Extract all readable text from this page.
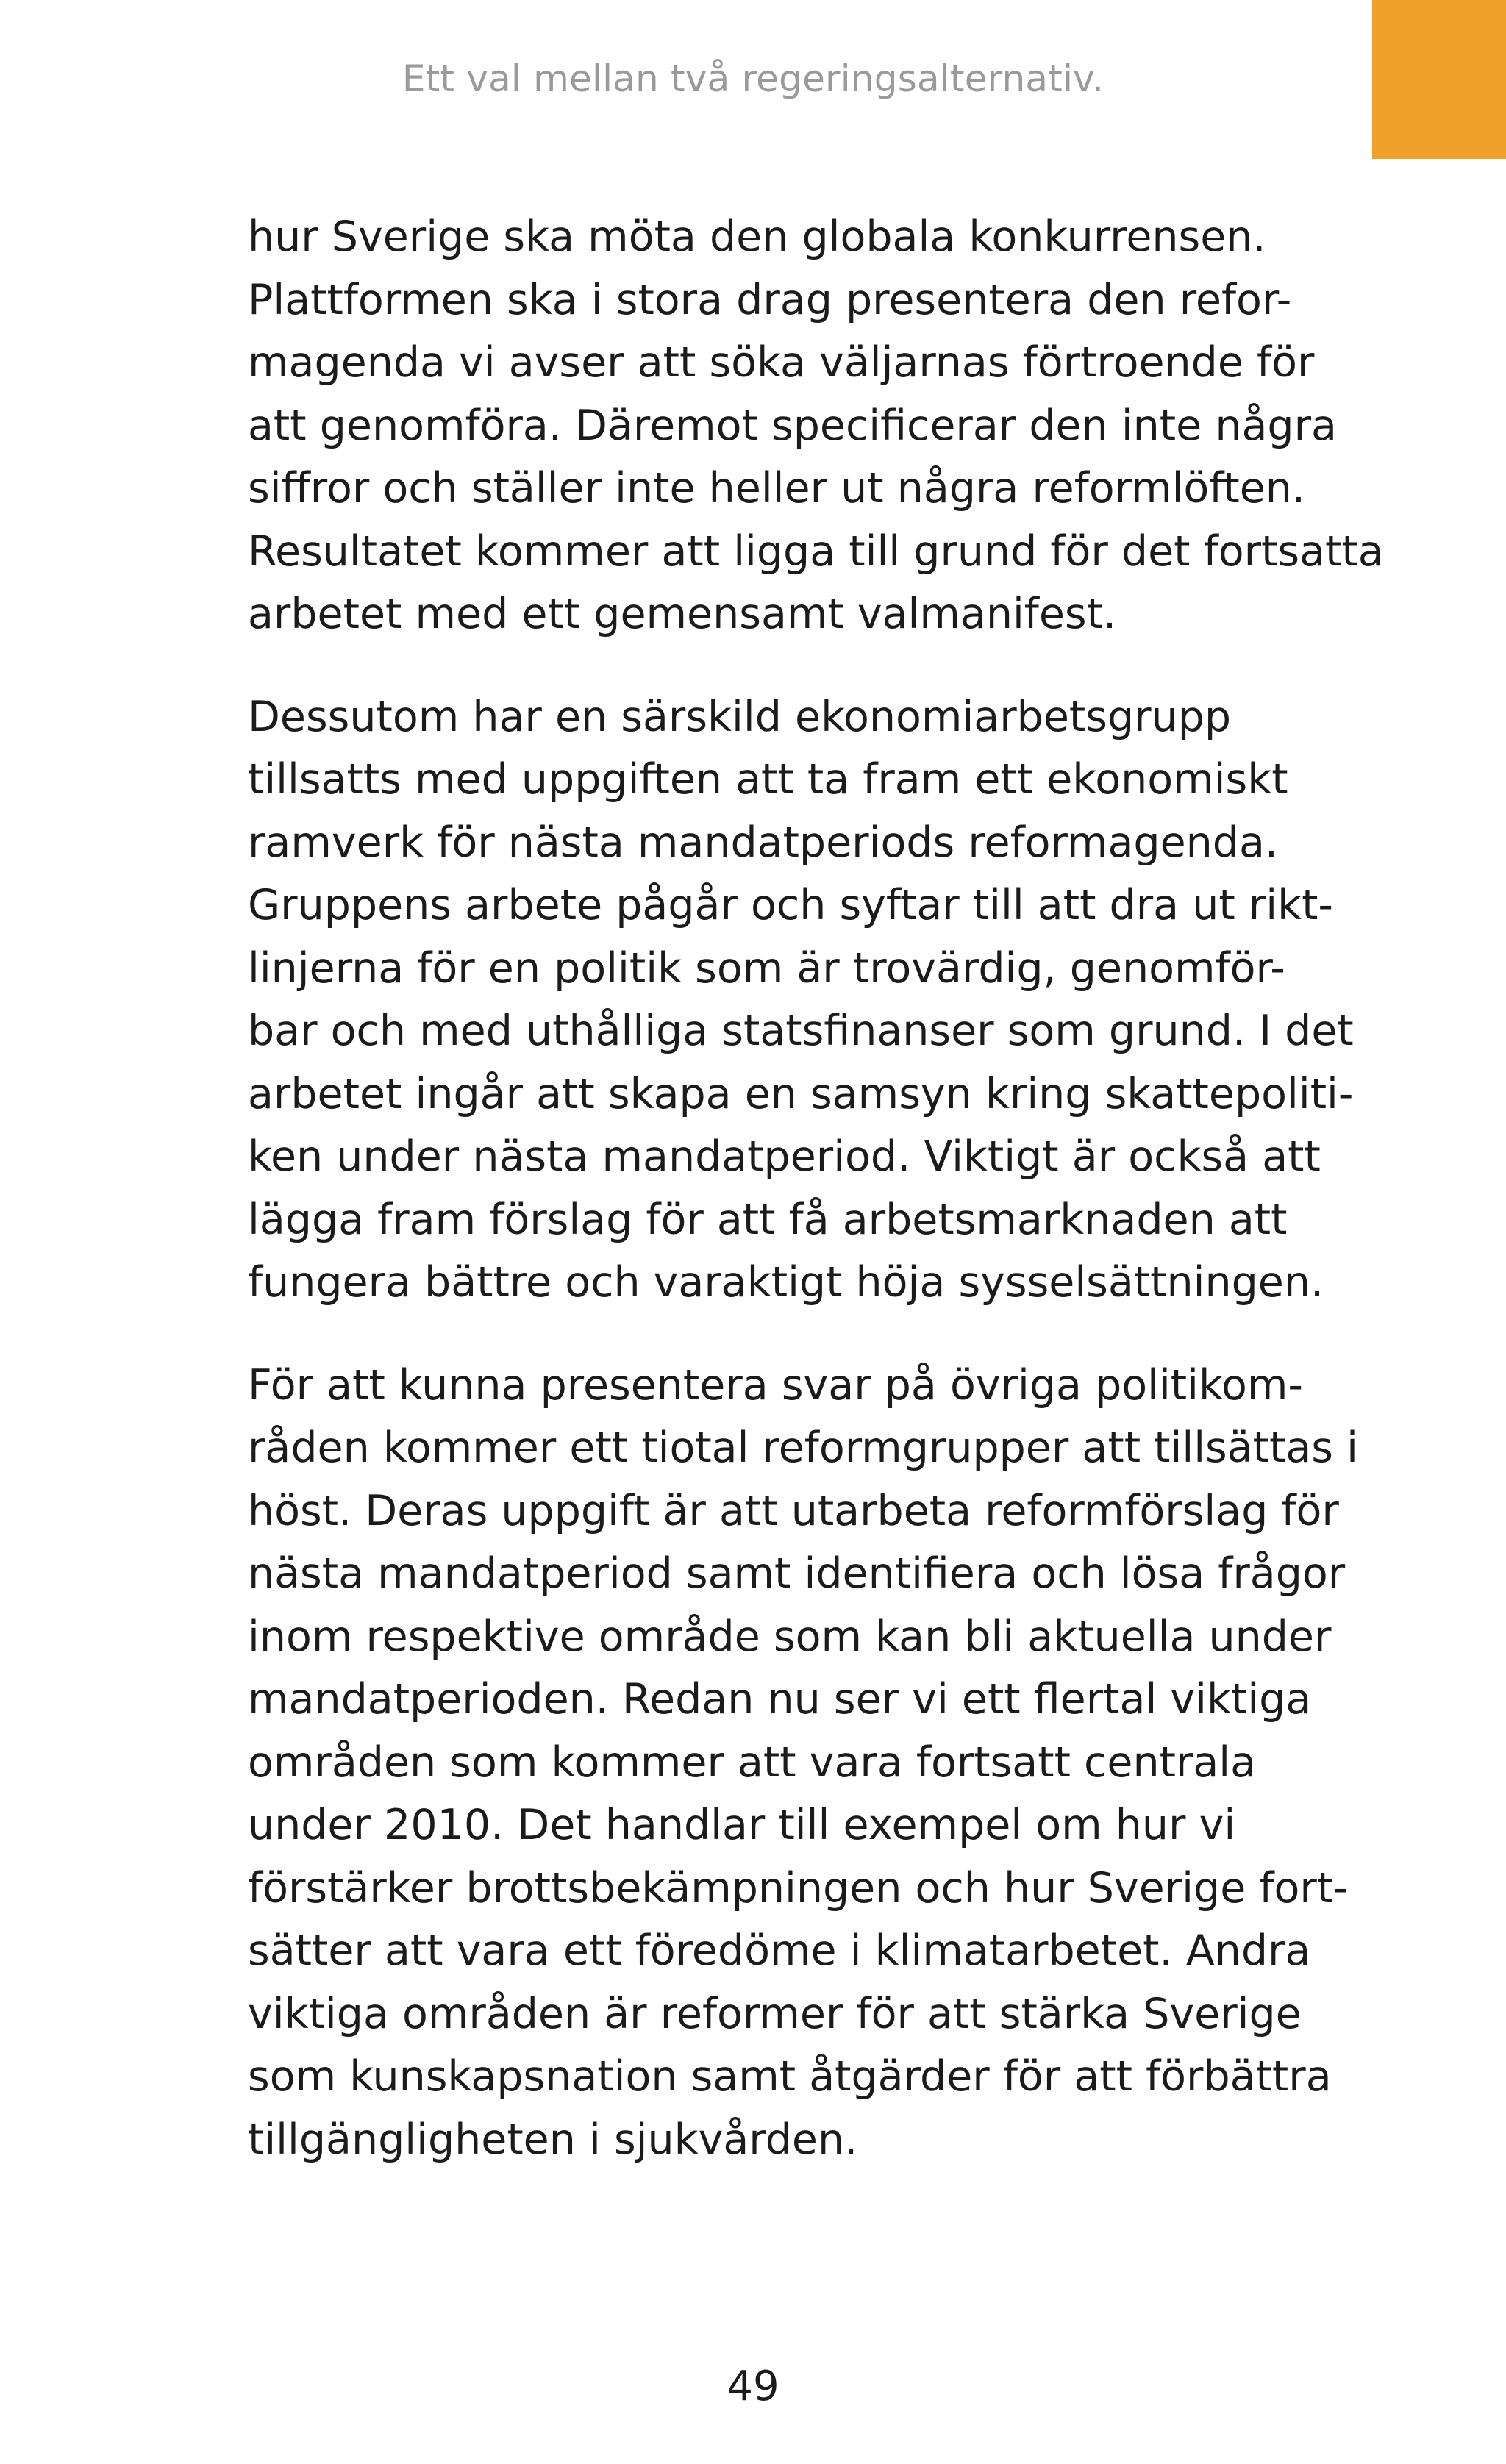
Ett val mellan två regeringsalternativ.

hur Sverige ska möta den globala konkurrensen.
Plattformen ska i stora drag presentera den refor-
magenda vi avser att söka väljarnas förtroende för
att genomföra. Däremot specificerar den inte några
siffror och ställer inte heller ut några reformlöften.
Resultatet kommer att ligga till grund för det fortsatta
arbetet med ett gemensamt valmanifest.

Dessutom har en särskild ekonomiarbetsgrupp
tillsatts med uppgiften att ta fram ett ekonomiskt
ramverk för nästa mandatperiods reformagenda.
Gruppens arbete pågår och syftar till att dra ut rikt-
linjerna för en politik som är trovärdig, genomför-
bar och med uthålliga statsfinanser som grund. I det
arbetet ingår att skapa en samsyn kring skattepoliti-
ken under nästa mandatperiod. Viktigt är också att
lägga fram förslag för att få arbetsmarknaden att
fungera bättre och varaktigt höja sysselsättningen.

För att kunna presentera svar på övriga politikom-
råden kommer ett tiotal reformgrupper att tillsättas i
höst. Deras uppgift är att utarbeta reformförslag för
nästa mandatperiod samt identifiera och lösa frågor
inom respektive område som kan bli aktuella under
mandatperioden. Redan nu ser vi ett flertal viktiga
områden som kommer att vara fortsatt centrala
under 2010. Det handlar till exempel om hur vi
förstärker brottsbekämpningen och hur Sverige fort-
sätter att vara ett föredöme i klimatarbetet. Andra
viktiga områden är reformer för att stärka Sverige
som kunskapsnation samt åtgärder för att förbättra
tillgängligheten i sjukvården.

49
